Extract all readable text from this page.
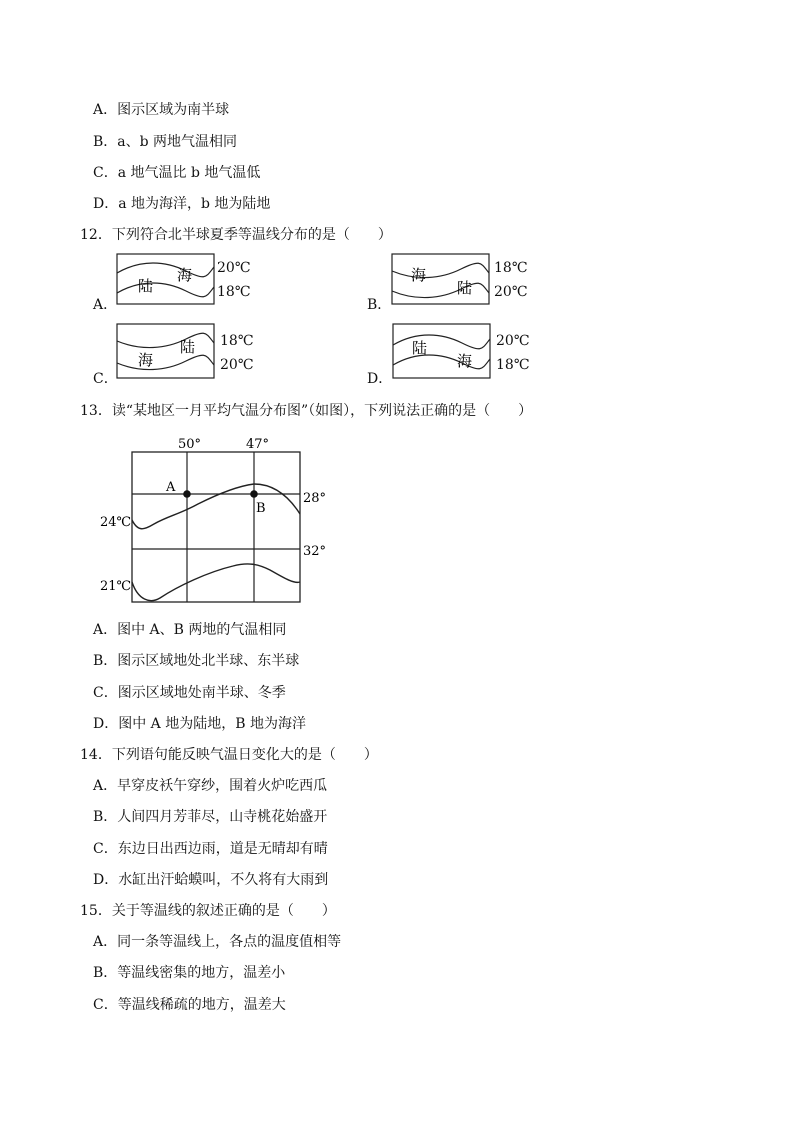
A．图示区域为南半球
B．a、b 两地气温相同
C．a 地气温比 b 地气温低
D．a 地为海洋，b 地为陆地
12．下列符合北半球夏季等温线分布的是（　　）
A．
陆
海 20℃
18℃
B．
海
陆
18℃
20℃
C．
海
陆 18℃
20℃
D．
陆
海
20℃
18℃
13．读“某地区一月平均气温分布图”（如图），下列说法正确的是（　　）
50°	47°
28°
32°
24℃
21℃
A
B
A．图中 A、B 两地的气温相同
B．图示区域地处北半球、东半球
C．图示区域地处南半球、冬季
D．图中 A 地为陆地，B 地为海洋
14．下列语句能反映气温日变化大的是（　　）
A．早穿皮袄午穿纱，围着火炉吃西瓜
B．人间四月芳菲尽，山寺桃花始盛开
C．东边日出西边雨，道是无晴却有晴
D．水缸出汗蛤蟆叫，不久将有大雨到
15．关于等温线的叙述正确的是（　　）
A．同一条等温线上，各点的温度值相等
B．等温线密集的地方，温差小
C．等温线稀疏的地方，温差大
